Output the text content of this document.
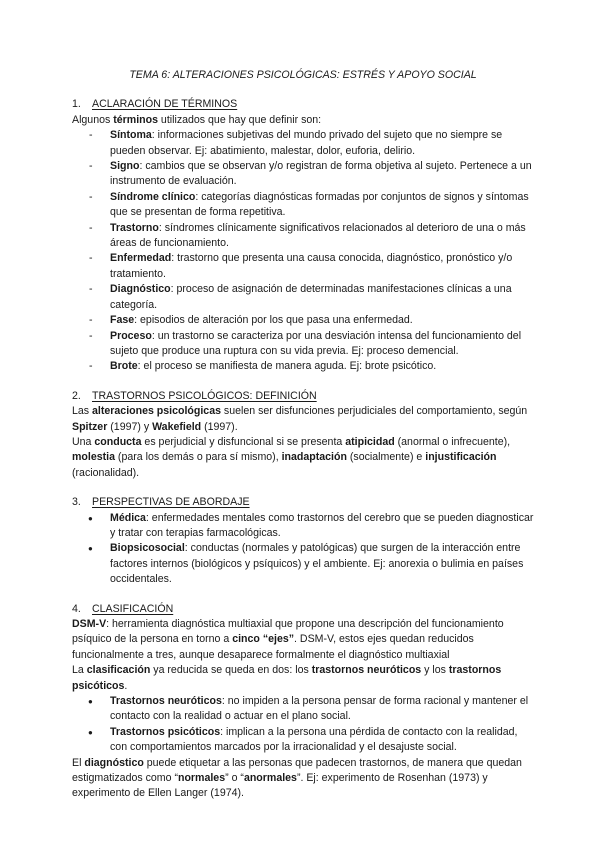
TEMA 6: ALTERACIONES PSICOLÓGICAS: ESTRÉS Y APOYO SOCIAL
1. ACLARACIÓN DE TÉRMINOS

Algunos términos utilizados que hay que definir son:

- Síntoma: informaciones subjetivas del mundo privado del sujeto que no siempre se pueden observar. Ej: abatimiento, malestar, dolor, euforia, delirio.
- Signo: cambios que se observan y/o registran de forma objetiva al sujeto. Pertenece a un instrumento de evaluación.
- Síndrome clínico: categorías diagnósticas formadas por conjuntos de signos y síntomas que se presentan de forma repetitiva.
- Trastorno: síndromes clínicamente significativos relacionados al deterioro de una o más áreas de funcionamiento.
- Enfermedad: trastorno que presenta una causa conocida, diagnóstico, pronóstico y/o tratamiento.
- Diagnóstico: proceso de asignación de determinadas manifestaciones clínicas a una categoría.
- Fase: episodios de alteración por los que pasa una enfermedad.
- Proceso: un trastorno se caracteriza por una desviación intensa del funcionamiento del sujeto que produce una ruptura con su vida previa. Ej: proceso demencial.
- Brote: el proceso se manifiesta de manera aguda. Ej: brote psicótico.
2. TRASTORNOS PSICOLÓGICOS: DEFINICIÓN

Las alteraciones psicológicas suelen ser disfunciones perjudiciales del comportamiento, según Spitzer (1997) y Wakefield (1997).

Una conducta es perjudicial y disfuncional si se presenta atipicidad (anormal o infrecuente), molestia (para los demás o para sí mismo), inadaptación (socialmente) e injustificación (racionalidad).

3. PERSPECTIVAS DE ABORDAJE
● Médica: enfermedades mentales como trastornos del cerebro que se pueden diagnosticar y tratar con terapias farmacológicas.
● Biopsicosocial: conductas (normales y patológicas) que surgen de la interacción entre factores internos (biológicos y psíquicos) y el ambiente. Ej: anorexia o bulimia en países occidentales.
4. CLASIFICACIÓN

DSM-V: herramienta diagnóstica multiaxial que propone una descripción del funcionamiento psíquico de la persona en torno a cinco “ejes”. DSM-V, estos ejes quedan reducidos funcionalmente a tres, aunque desaparece formalmente el diagnóstico multiaxial

La clasificación ya reducida se queda en dos: los trastornos neuróticos y los trastornos psicóticos.

● Trastornos neuróticos: no impiden a la persona pensar de forma racional y mantener el contacto con la realidad o actuar en el plano social.
● Trastornos psicóticos: implican a la persona una pérdida de contacto con la realidad, con comportamientos marcados por la irracionalidad y el desajuste social.

El diagnóstico puede etiquetar a las personas que padecen trastornos, de manera que quedan estigmatizados como “normales” o “anormales”. Ej: experimento de Rosenhan (1973) y experimento de Ellen Langer (1974).
